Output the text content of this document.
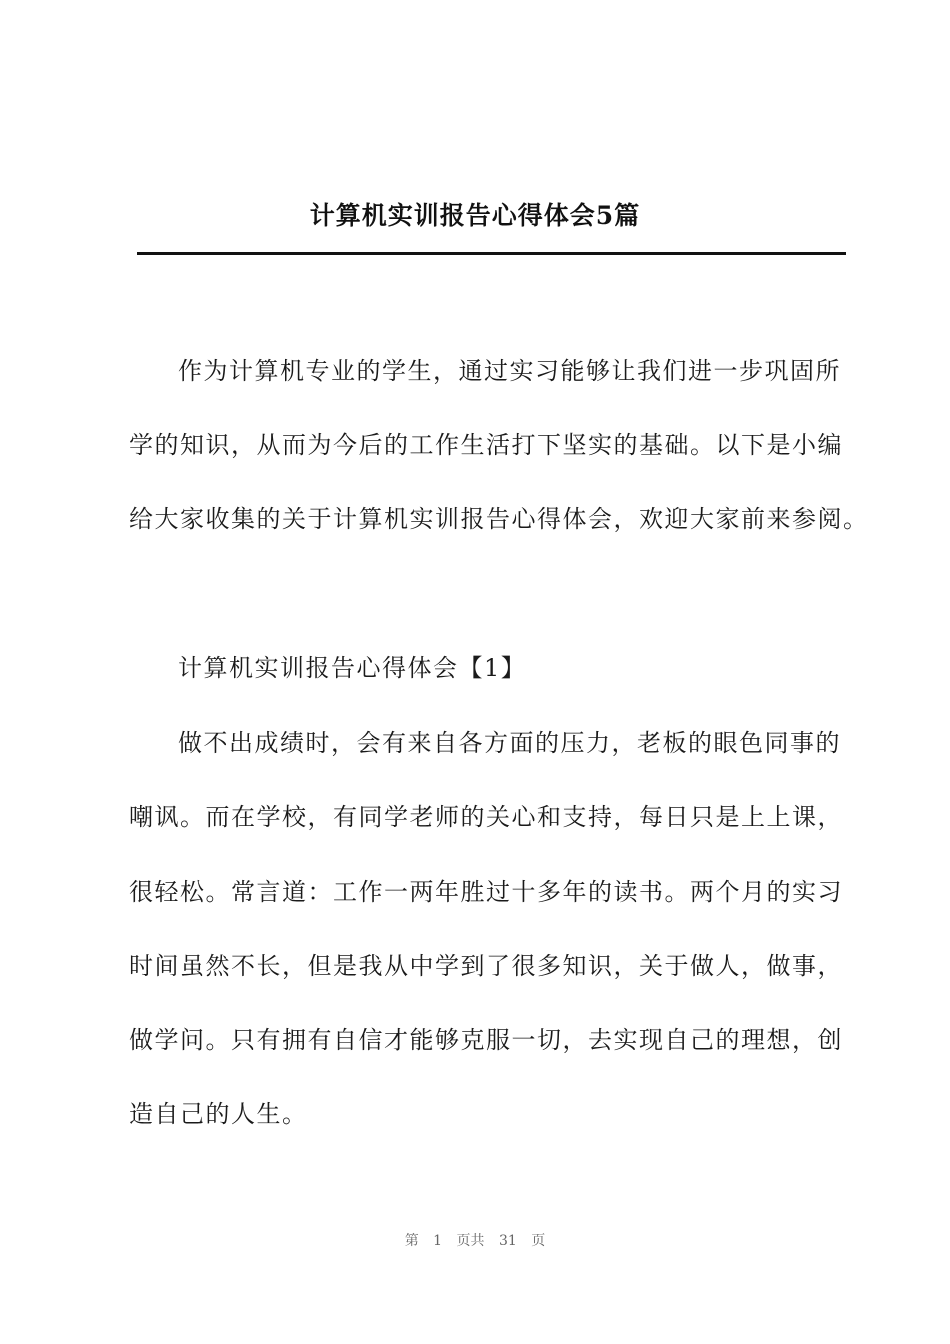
计算机实训报告心得体会5篇
作为计算机专业的学生，通过实习能够让我们进一步巩固所
学的知识，从而为今后的工作生活打下坚实的基础。以下是小编
给大家收集的关于计算机实训报告心得体会，欢迎大家前来参阅。
计算机实训报告心得体会【1】
做不出成绩时，会有来自各方面的压力，老板的眼色同事的
嘲讽。而在学校，有同学老师的关心和支持，每日只是上上课，
很轻松。常言道：工作一两年胜过十多年的读书。两个月的实习
时间虽然不长，但是我从中学到了很多知识，关于做人，做事，
做学问。只有拥有自信才能够克服一切，去实现自己的理想，创
造自己的人生。
第 1 页共 31 页
